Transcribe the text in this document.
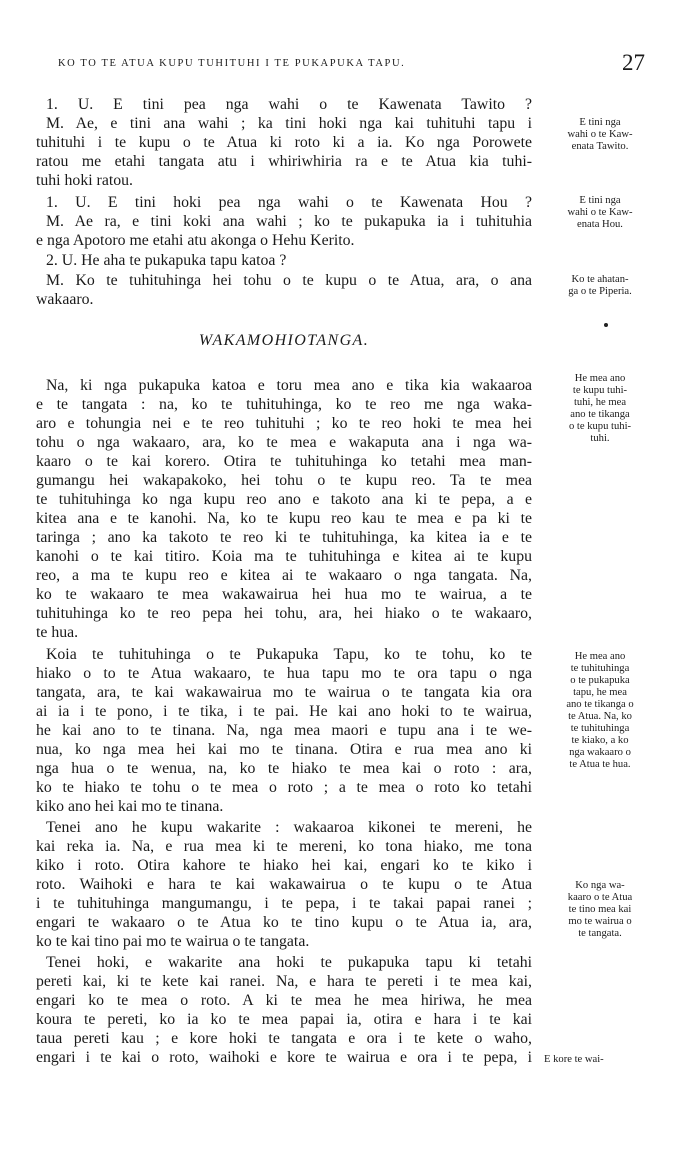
KO TO TE ATUA KUPU TUHITUHI I TE PUKAPUKA TAPU.	27
1. U. E tini pea nga wahi o te Kawenata Tawito ?
M. Ae, e tini ana wahi ; ka tini hoki nga kai tuhituhi tapu i
tuhituhi i te kupu o te Atua ki roto ki a ia. Ko nga Porowete
ratou me etahi tangata atu i whiriwhiria ra e te Atua kia tuhi-
tuhi hoki ratou.
1. U. E tini hoki pea nga wahi o te Kawenata Hou ?
M. Ae ra, e tini koki ana wahi ; ko te pukapuka ia i tuhituhia
e nga Apotoro me etahi atu akonga o Hehu Kerito.
2. U. He aha te pukapuka tapu katoa ?
M. Ko te tuhituhinga hei tohu o te kupu o te Atua, ara, o ana
wakaaro.
WAKAMOHIOTANGA.
Na, ki nga pukapuka katoa e toru mea ano e tika kia wakaaroa
e te tangata : na, ko te tuhituhinga, ko te reo me nga waka-
aro e tohungia nei e te reo tuhituhi ; ko te reo hoki te mea hei
tohu o nga wakaaro, ara, ko te mea e wakaputa ana i nga wa-
kaaro o te kai korero. Otira te tuhituhinga ko tetahi mea man-
gumangu hei wakapakoko, hei tohu o te kupu reo. Ta te mea
te tuhituhinga ko nga kupu reo ano e takoto ana ki te pepa, a e
kitea ana e te kanohi. Na, ko te kupu reo kau te mea e pa ki te
taringa ; ano ka takoto te reo ki te tuhituhinga, ka kitea ia e te
kanohi o te kai titiro. Koia ma te tuhituhinga e kitea ai te kupu
reo, a ma te kupu reo e kitea ai te wakaaro o nga tangata. Na,
ko te wakaaro te mea wakawairua hei hua mo te wairua, a te
tuhituhinga ko te reo pepa hei tohu, ara, hei hiako o te wakaaro,
te hua.
Koia te tuhituhinga o te Pukapuka Tapu, ko te tohu, ko te
hiako o to te Atua wakaaro, te hua tapu mo te ora tapu o nga
tangata, ara, te kai wakawairua mo te wairua o te tangata kia ora
ai ia i te pono, i te tika, i te pai. He kai ano hoki to te wairua,
he kai ano to te tinana. Na, nga mea maori e tupu ana i te we-
nua, ko nga mea hei kai mo te tinana. Otira e rua mea ano ki
nga hua o te wenua, na, ko te hiako te mea kai o roto : ara,
ko te hiako te tohu o te mea o roto ; a te mea o roto ko tetahi
kiko ano hei kai mo te tinana.
Tenei ano he kupu wakarite : wakaaroa kikonei te mereni, he
kai reka ia. Na, e rua mea ki te mereni, ko tona hiako, me tona
kiko i roto. Otira kahore te hiako hei kai, engari ko te kiko i
roto. Waihoki e hara te kai wakawairua o te kupu o te Atua
i te tuhituhinga mangumangu, i te pepa, i te takai papai ranei ;
engari te wakaaro o te Atua ko te tino kupu o te Atua ia, ara,
ko te kai tino pai mo te wairua o te tangata.
Tenei hoki, e wakarite ana hoki te pukapuka tapu ki tetahi
pereti kai, ki te kete kai ranei. Na, e hara te pereti i te mea kai,
engari ko te mea o roto. A ki te mea he mea hiriwa, he mea
koura te pereti, ko ia ko te mea papai ia, otira e hara i te kai
taua pereti kau ; e kore hoki te tangata e ora i te kete o waho,
engari i te kai o roto, waihoki e kore te wairua e ora i te pepa, i
E tini nga
wahi o te Kaw-
enata Tawito.
E tini nga
wahi o te Kaw-
enata Hou.
Ko te ahatan-
ga o te Piperia.
He mea ano
te kupu tuhi-
tuhi, he mea
ano te tikanga
o te kupu tuhi-
tuhi.
He mea ano
te tuhituhinga
o te pukapuka
tapu, he mea
ano te tikanga o
te Atua. Na, ko
te tuhituhinga
te kiako, a ko
nga wakaaro o
te Atua te hua.
Ko nga wa-
kaaro o te Atua
te tino mea kai
mo te wairua o
te tangata.
E kore te wai-
